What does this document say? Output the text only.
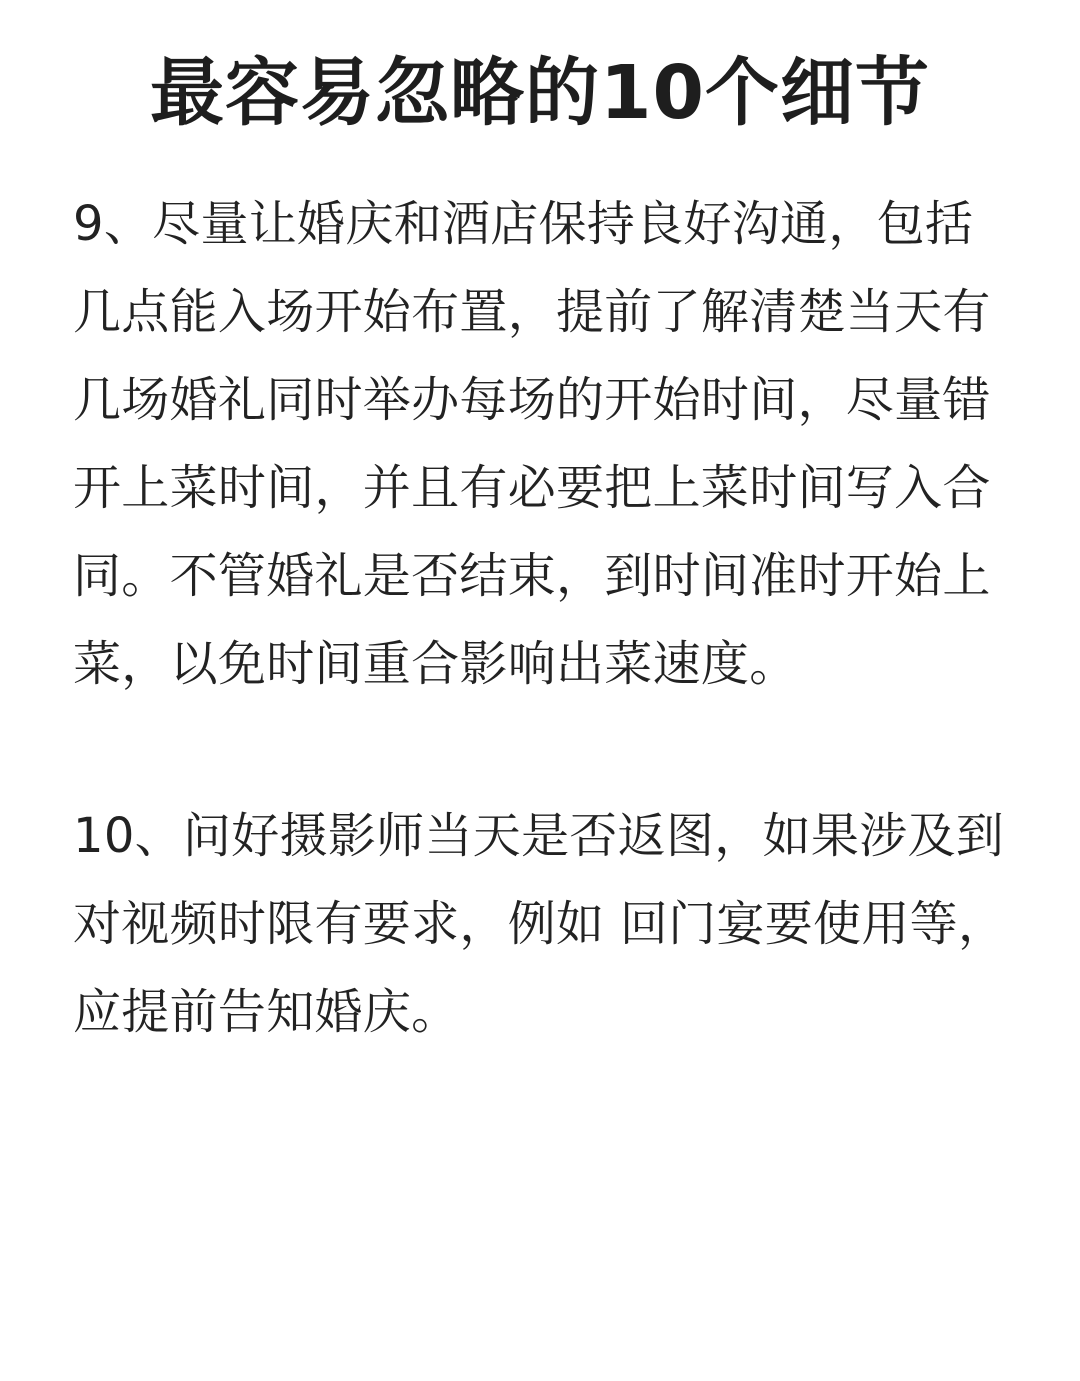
最容易忽略的10个细节
9、尽量让婚庆和酒店保持良好沟通，包括
几点能入场开始布置，提前了解清楚当天有
几场婚礼同时举办每场的开始时间，尽量错
开上菜时间，并且有必要把上菜时间写入合
同。不管婚礼是否结束，到时间准时开始上
菜，以免时间重合影响出菜速度。
10、问好摄影师当天是否返图，如果涉及到
对视频时限有要求，例如 回门宴要使用等，
应提前告知婚庆。
